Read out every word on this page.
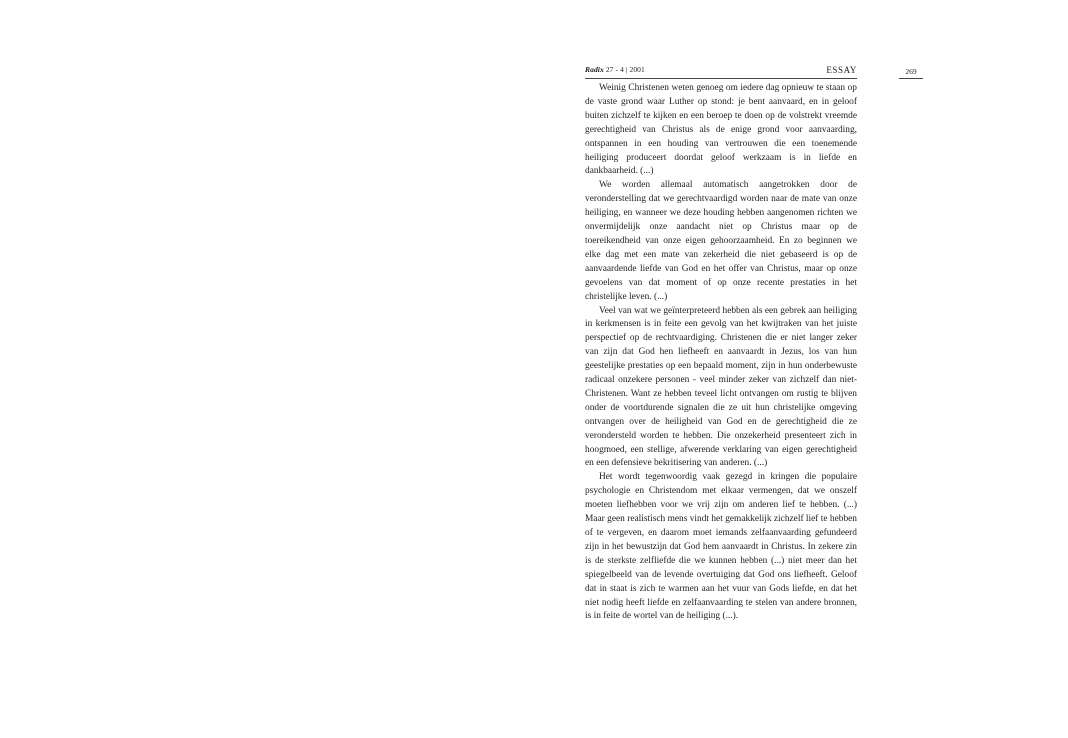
Radix 27 - 4 | 2001	ESSAY

Weinig Christenen weten genoeg om iedere dag opnieuw te staan op de vaste grond waar Luther op stond: je bent aanvaard, en in geloof buiten zichzelf te kijken en een beroep te doen op de volstrekt vreemde gerechtigheid van Christus als de enige grond voor aanvaarding, ontspannen in een houding van vertrouwen die een toenemende heiliging produceert doordat geloof werkzaam is in liefde en dankbaarheid. (...)

We worden allemaal automatisch aangetrokken door de veronderstelling dat we gerechtvaardigd worden naar de mate van onze heiliging, en wanneer we deze houding hebben aangenomen richten we onvermijdelijk onze aandacht niet op Christus maar op de toereikendheid van onze eigen gehoorzaamheid. En zo beginnen we elke dag met een mate van zekerheid die niet gebaseerd is op de aanvaardende liefde van God en het offer van Christus, maar op onze gevoelens van dat moment of op onze recente prestaties in het christelijke leven. (...)

Veel van wat we geïnterpreteerd hebben als een gebrek aan heiliging in kerkmensen is in feite een gevolg van het kwijtraken van het juiste perspectief op de rechtvaardiging. Christenen die er niet langer zeker van zijn dat God hen liefheeft en aanvaardt in Jezus, los van hun geestelijke prestaties op een bepaald moment, zijn in hun onderbewuste radicaal onzekere personen - veel minder zeker van zichzelf dan niet-Christenen. Want ze hebben teveel licht ontvangen om rustig te blijven onder de voortdurende signalen die ze uit hun christelijke omgeving ontvangen over de heiligheid van God en de gerechtigheid die ze verondersteld worden te hebben. Die onzekerheid presenteert zich in hoogmoed, een stellige, afwerende verklaring van eigen gerechtigheid en een defensieve bekritisering van anderen. (...)

Het wordt tegenwoordig vaak gezegd in kringen die populaire psychologie en Christendom met elkaar vermengen, dat we onszelf moeten liefhebben voor we vrij zijn om anderen lief te hebben. (...) Maar geen realistisch mens vindt het gemakkelijk zichzelf lief te hebben of te vergeven, en daarom moet iemands zelfaanvaarding gefundeerd zijn in het bewustzijn dat God hem aanvaardt in Christus. In zekere zin is de sterkste zelfliefde die we kunnen hebben (...) niet meer dan het spiegelbeeld van de levende overtuiging dat God ons liefheeft. Geloof dat in staat is zich te warmen aan het vuur van Gods liefde, en dat het niet nodig heeft liefde en zelfaanvaarding te stelen van andere bronnen, is in feite de wortel van de heiliging (...).

269
